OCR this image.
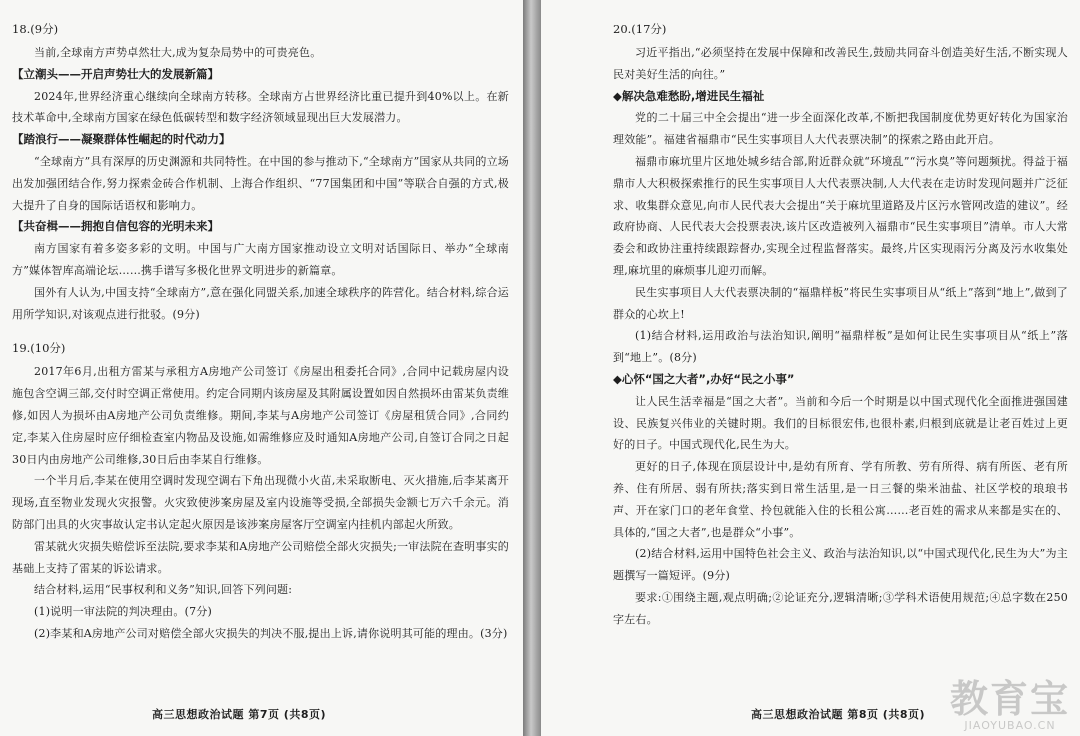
18.(9分)

当前,全球南方声势卓然壮大,成为复杂局势中的可贵亮色。

【立潮头——开启声势壮大的发展新篇】

2024年,世界经济重心继续向全球南方转移。全球南方占世界经济比重已提升到40%以上。在新技术革命中,全球南方国家在绿色低碳转型和数字经济领域显现出巨大发展潜力。

【踏浪行——凝聚群体性崛起的时代动力】

“全球南方”具有深厚的历史渊源和共同特性。在中国的参与推动下,“全球南方”国家从共同的立场出发加强团结合作,努力探索金砖合作机制、上海合作组织、“77国集团和中国”等联合自强的方式,极大提升了自身的国际话语权和影响力。

【共奋楫——拥抱自信包容的光明未来】

南方国家有着多姿多彩的文明。中国与广大南方国家推动设立文明对话国际日、举办“全球南方”媒体智库高端论坛……携手谱写多极化世界文明进步的新篇章。

国外有人认为,中国支持“全球南方”,意在强化同盟关系,加速全球秩序的阵营化。结合材料,综合运用所学知识,对该观点进行批驳。(9分)

19.(10分)

2017年6月,出租方雷某与承租方A房地产公司签订《房屋出租委托合同》,合同中记载房屋内设施包含空调三部,交付时空调正常使用。约定合同期内该房屋及其附属设置如因自然损坏由雷某负责维修,如因人为损坏由A房地产公司负责维修。期间,李某与A房地产公司签订《房屋租赁合同》,合同约定,李某入住房屋时应仔细检查室内物品及设施,如需维修应及时通知A房地产公司,自签订合同之日起30日内由房地产公司维修,30日后由李某自行维修。

一个半月后,李某在使用空调时发现空调右下角出现微小火苗,未采取断电、灭火措施,后李某离开现场,直至物业发现火灾报警。火灾致使涉案房屋及室内设施等受损,全部损失金额七万六千余元。消防部门出具的火灾事故认定书认定起火原因是该涉案房屋客厅空调室内挂机内部起火所致。

雷某就火灾损失赔偿诉至法院,要求李某和A房地产公司赔偿全部火灾损失;一审法院在查明事实的基础上支持了雷某的诉讼请求。

结合材料,运用“民事权利和义务”知识,回答下列问题:

(1)说明一审法院的判决理由。(7分)

(2)李某和A房地产公司对赔偿全部火灾损失的判决不服,提出上诉,请你说明其可能的理由。(3分)

高三思想政治试题 第7页 (共8页)

20.(17分)

习近平指出,“必须坚持在发展中保障和改善民生,鼓励共同奋斗创造美好生活,不断实现人民对美好生活的向往。”

◆解决急难愁盼,增进民生福祉

党的二十届三中全会提出“进一步全面深化改革,不断把我国制度优势更好转化为国家治理效能”。福建省福鼎市“民生实事项目人大代表票决制”的探索之路由此开启。

福鼎市麻坑里片区地处城乡结合部,附近群众就“环境乱”“污水臭”等问题频扰。得益于福鼎市人大积极探索推行的民生实事项目人大代表票决制,人大代表在走访时发现问题并广泛征求、收集群众意见,向市人民代表大会提出“关于麻坑里道路及片区污水管网改造的建议”。经政府协商、人民代表大会投票表决,该片区改造被列入福鼎市“民生实事项目”清单。市人大常委会和政协注重持续跟踪督办,实现全过程监督落实。最终,片区实现雨污分离及污水收集处理,麻坑里的麻烦事儿迎刃而解。

民生实事项目人大代表票决制的“福鼎样板”将民生实事项目从“纸上”落到“地上”,做到了群众的心坎上!

(1)结合材料,运用政治与法治知识,阐明“福鼎样板”是如何让民生实事项目从“纸上”落到“地上”。(8分)

◆心怀“国之大者”,办好“民之小事”

让人民生活幸福是“国之大者”。当前和今后一个时期是以中国式现代化全面推进强国建设、民族复兴伟业的关键时期。我们的目标很宏伟,也很朴素,归根到底就是让老百姓过上更好的日子。中国式现代化,民生为大。

更好的日子,体现在顶层设计中,是幼有所育、学有所教、劳有所得、病有所医、老有所养、住有所居、弱有所扶;落实到日常生活里,是一日三餐的柴米油盐、社区学校的琅琅书声、开在家门口的老年食堂、拎包就能入住的长租公寓……老百姓的需求从来都是实在的、具体的,“国之大者”,也是群众“小事”。

(2)结合材料,运用中国特色社会主义、政治与法治知识,以“中国式现代化,民生为大”为主题撰写一篇短评。(9分)

要求:①围绕主题,观点明确;②论证充分,逻辑清晰;③学科术语使用规范;④总字数在250字左右。

高三思想政治试题 第8页 (共8页) 教育宝
JIAOYUBAO.CN
